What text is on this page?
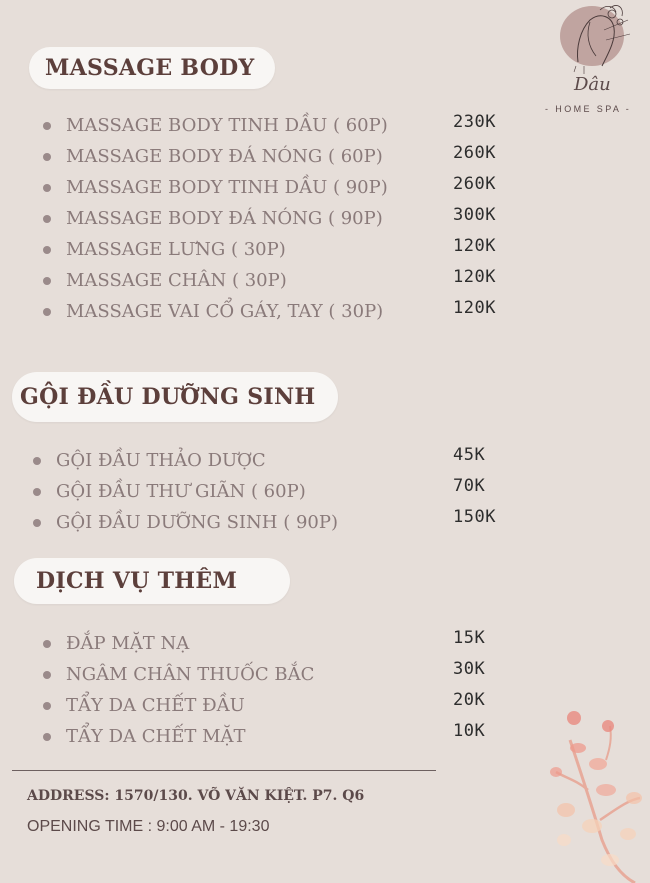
Dâu
- HOME SPA -
MASSAGE BODY
MASSAGE BODY TINH DẦU ( 60P)	230K
MASSAGE BODY ĐÁ NÓNG ( 60P)	260K
MASSAGE BODY TINH DẦU ( 90P)	260K
MASSAGE BODY ĐÁ NÓNG ( 90P)	300K
MASSAGE LƯNG ( 30P)	120K
MASSAGE CHÂN ( 30P)	120K
MASSAGE VAI CỔ GÁY, TAY ( 30P)	120K
GỘI ĐẦU DƯỠNG SINH
GỘI ĐẦU THẢO DƯỢC	45K
GỘI ĐẦU THƯ GIÃN ( 60P)	70K
GỘI ĐẦU DƯỠNG SINH ( 90P)	150K
DỊCH VỤ THÊM
ĐẮP MẶT NẠ	15K
NGÂM CHÂN THUỐC BẮC	30K
TẨY DA CHẾT ĐẦU	20K
TẨY DA CHẾT MẶT	10K
ADDRESS: 1570/130. VÕ VĂN KIỆT. P7. Q6
OPENING TIME : 9:00 AM - 19:30
